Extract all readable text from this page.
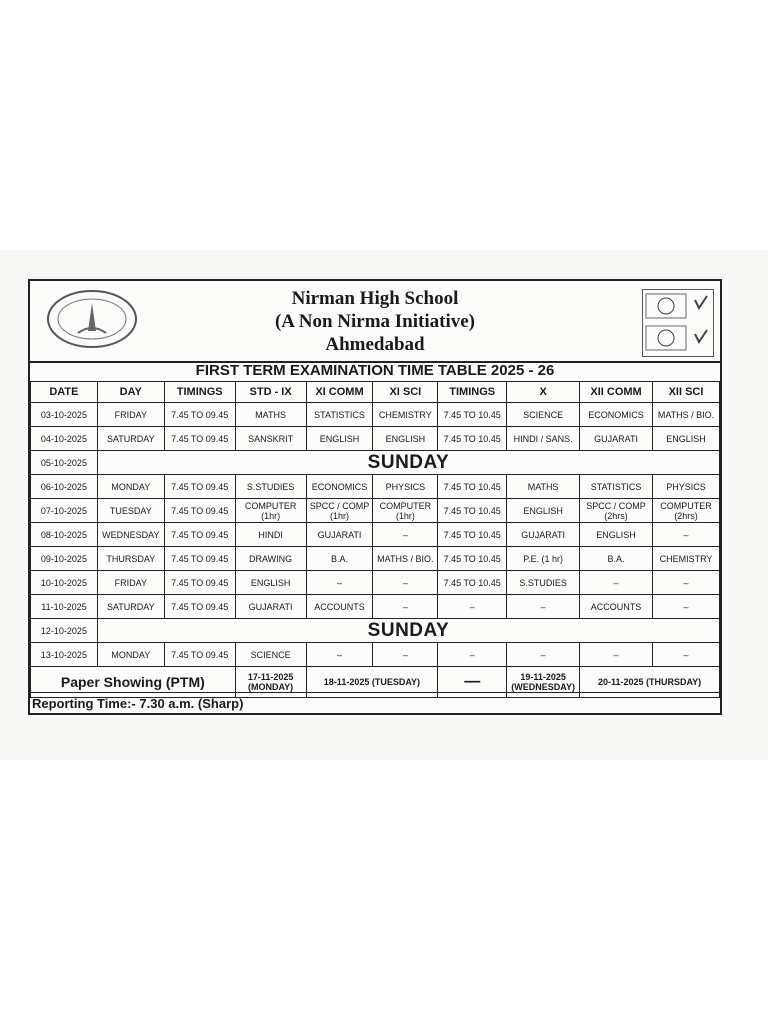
Nirman High School
(A Non Nirma Initiative)
Ahmedabad
FIRST TERM EXAMINATION TIME TABLE 2025 - 26
DATE	DAY	TIMINGS	STD - IX	XI COMM	XI SCI	TIMINGS	X	XII COMM	XII SCI
03-10-2025	FRIDAY	7.45 TO 09.45	MATHS	STATISTICS	CHEMISTRY	7.45 TO 10.45	SCIENCE	ECONOMICS	MATHS / BIO.
04-10-2025	SATURDAY	7.45 TO 09.45	SANSKRIT	ENGLISH	ENGLISH	7.45 TO 10.45	HINDI / SANS.	GUJARATI	ENGLISH
05-10-2025	SUNDAY								
06-10-2025	MONDAY	7.45 TO 09.45	S.STUDIES	ECONOMICS	PHYSICS	7.45 TO 10.45	MATHS	STATISTICS	PHYSICS
07-10-2025	TUESDAY	7.45 TO 09.45	COMPUTER (1hr)	SPCC / COMP (1hr)	COMPUTER (1hr)	7.45 TO 10.45	ENGLISH	SPCC / COMP (2hrs)	COMPUTER (2hrs)
08-10-2025	WEDNESDAY	7.45 TO 09.45	HINDI	GUJARATI	–	7.45 TO 10.45	GUJARATI	ENGLISH	–
09-10-2025	THURSDAY	7.45 TO 09.45	DRAWING	B.A.	MATHS / BIO.	7.45 TO 10.45	P.E. (1 hr)	B.A.	CHEMISTRY
10-10-2025	FRIDAY	7.45 TO 09.45	ENGLISH	–	–	7.45 TO 10.45	S.STUDIES	–	–
11-10-2025	SATURDAY	7.45 TO 09.45	GUJARATI	ACCOUNTS	–	–	–	ACCOUNTS	–
12-10-2025	SUNDAY								
13-10-2025	MONDAY	7.45 TO 09.45	SCIENCE	–	–	–	–	–	–
Paper Showing (PTM)			17-11-2025 (MONDAY)	18-11-2025 (TUESDAY)		—	19-11-2025 (WEDNESDAY)	20-11-2025 (THURSDAY)	
Reporting Time:- 7.30 a.m. (Sharp)
